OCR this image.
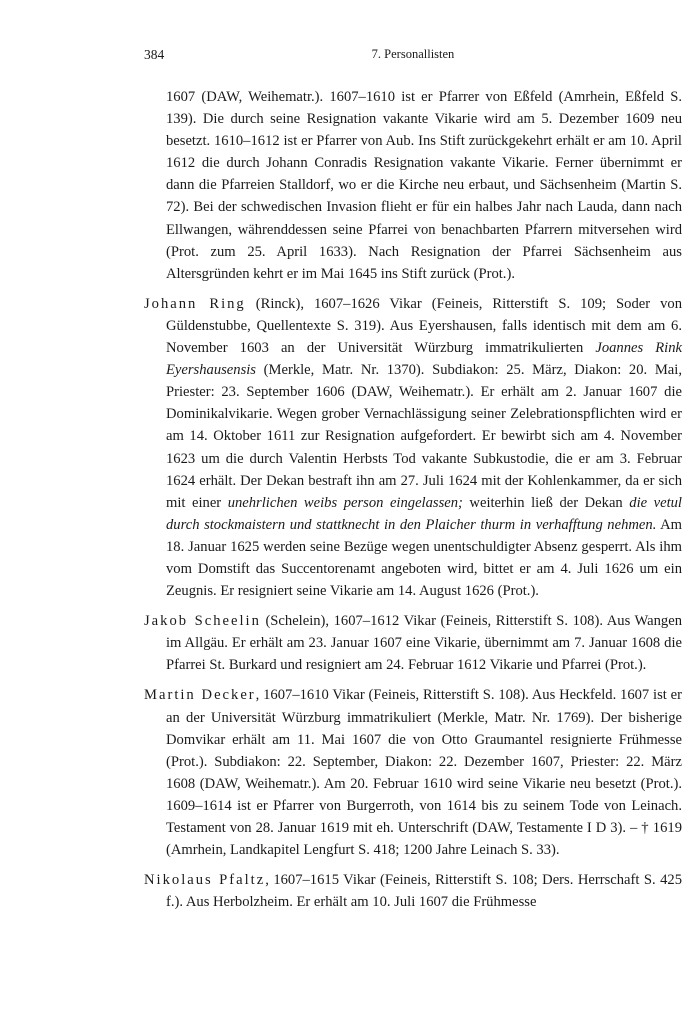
384	7. Personallisten

1607 (DAW, Weihematr.). 1607–1610 ist er Pfarrer von Eßfeld (Amrhein, Eßfeld S. 139). Die durch seine Resignation vakante Vikarie wird am 5. Dezember 1609 neu besetzt. 1610–1612 ist er Pfarrer von Aub. Ins Stift zurückgekehrt erhält er am 10. April 1612 die durch Johann Conradis Resignation vakante Vikarie. Ferner übernimmt er dann die Pfarreien Stalldorf, wo er die Kirche neu erbaut, und Sächsenheim (Martin S. 72). Bei der schwedischen Invasion flieht er für ein halbes Jahr nach Lauda, dann nach Ellwangen, währenddessen seine Pfarrei von benachbarten Pfarrern mitversehen wird (Prot. zum 25. April 1633). Nach Resignation der Pfarrei Sächsenheim aus Altersgründen kehrt er im Mai 1645 ins Stift zurück (Prot.).

Johann Ring (Rinck), 1607–1626 Vikar (Feineis, Ritterstift S. 109; Soder von Güldenstubbe, Quellentexte S. 319). Aus Eyershausen, falls identisch mit dem am 6. November 1603 an der Universität Würzburg immatrikulierten Joannes Rink Eyershausensis (Merkle, Matr. Nr. 1370). Subdiakon: 25. März, Diakon: 20. Mai, Priester: 23. September 1606 (DAW, Weihematr.). Er erhält am 2. Januar 1607 die Dominikalvikarie. Wegen grober Vernachlässigung seiner Zelebrationspflichten wird er am 14. Oktober 1611 zur Resignation aufgefordert. Er bewirbt sich am 4. November 1623 um die durch Valentin Herbsts Tod vakante Subkustodie, die er am 3. Februar 1624 erhält. Der Dekan bestraft ihn am 27. Juli 1624 mit der Kohlenkammer, da er sich mit einer unehrlichen weibs person eingelassen; weiterhin ließ der Dekan die vetul durch stockmaistern und stattknecht in den Plaicher thurm in verhafftung nehmen. Am 18. Januar 1625 werden seine Bezüge wegen unentschuldigter Absenz gesperrt. Als ihm vom Domstift das Succentorenamt angeboten wird, bittet er am 4. Juli 1626 um ein Zeugnis. Er resigniert seine Vikarie am 14. August 1626 (Prot.).

Jakob Scheelin (Schelein), 1607–1612 Vikar (Feineis, Ritterstift S. 108). Aus Wangen im Allgäu. Er erhält am 23. Januar 1607 eine Vikarie, übernimmt am 7. Januar 1608 die Pfarrei St. Burkard und resigniert am 24. Februar 1612 Vikarie und Pfarrei (Prot.).

Martin Decker, 1607–1610 Vikar (Feineis, Ritterstift S. 108). Aus Heckfeld. 1607 ist er an der Universität Würzburg immatrikuliert (Merkle, Matr. Nr. 1769). Der bisherige Domvikar erhält am 11. Mai 1607 die von Otto Graumantel resignierte Frühmesse (Prot.). Subdiakon: 22. September, Diakon: 22. Dezember 1607, Priester: 22. März 1608 (DAW, Weihematr.). Am 20. Februar 1610 wird seine Vikarie neu besetzt (Prot.). 1609–1614 ist er Pfarrer von Burgerroth, von 1614 bis zu seinem Tode von Leinach. Testament von 28. Januar 1619 mit eh. Unterschrift (DAW, Testamente I D 3). – † 1619 (Amrhein, Landkapitel Lengfurt S. 418; 1200 Jahre Leinach S. 33).

Nikolaus Pfaltz, 1607–1615 Vikar (Feineis, Ritterstift S. 108; Ders. Herrschaft S. 425 f.). Aus Herbolzheim. Er erhält am 10. Juli 1607 die Frühmesse
